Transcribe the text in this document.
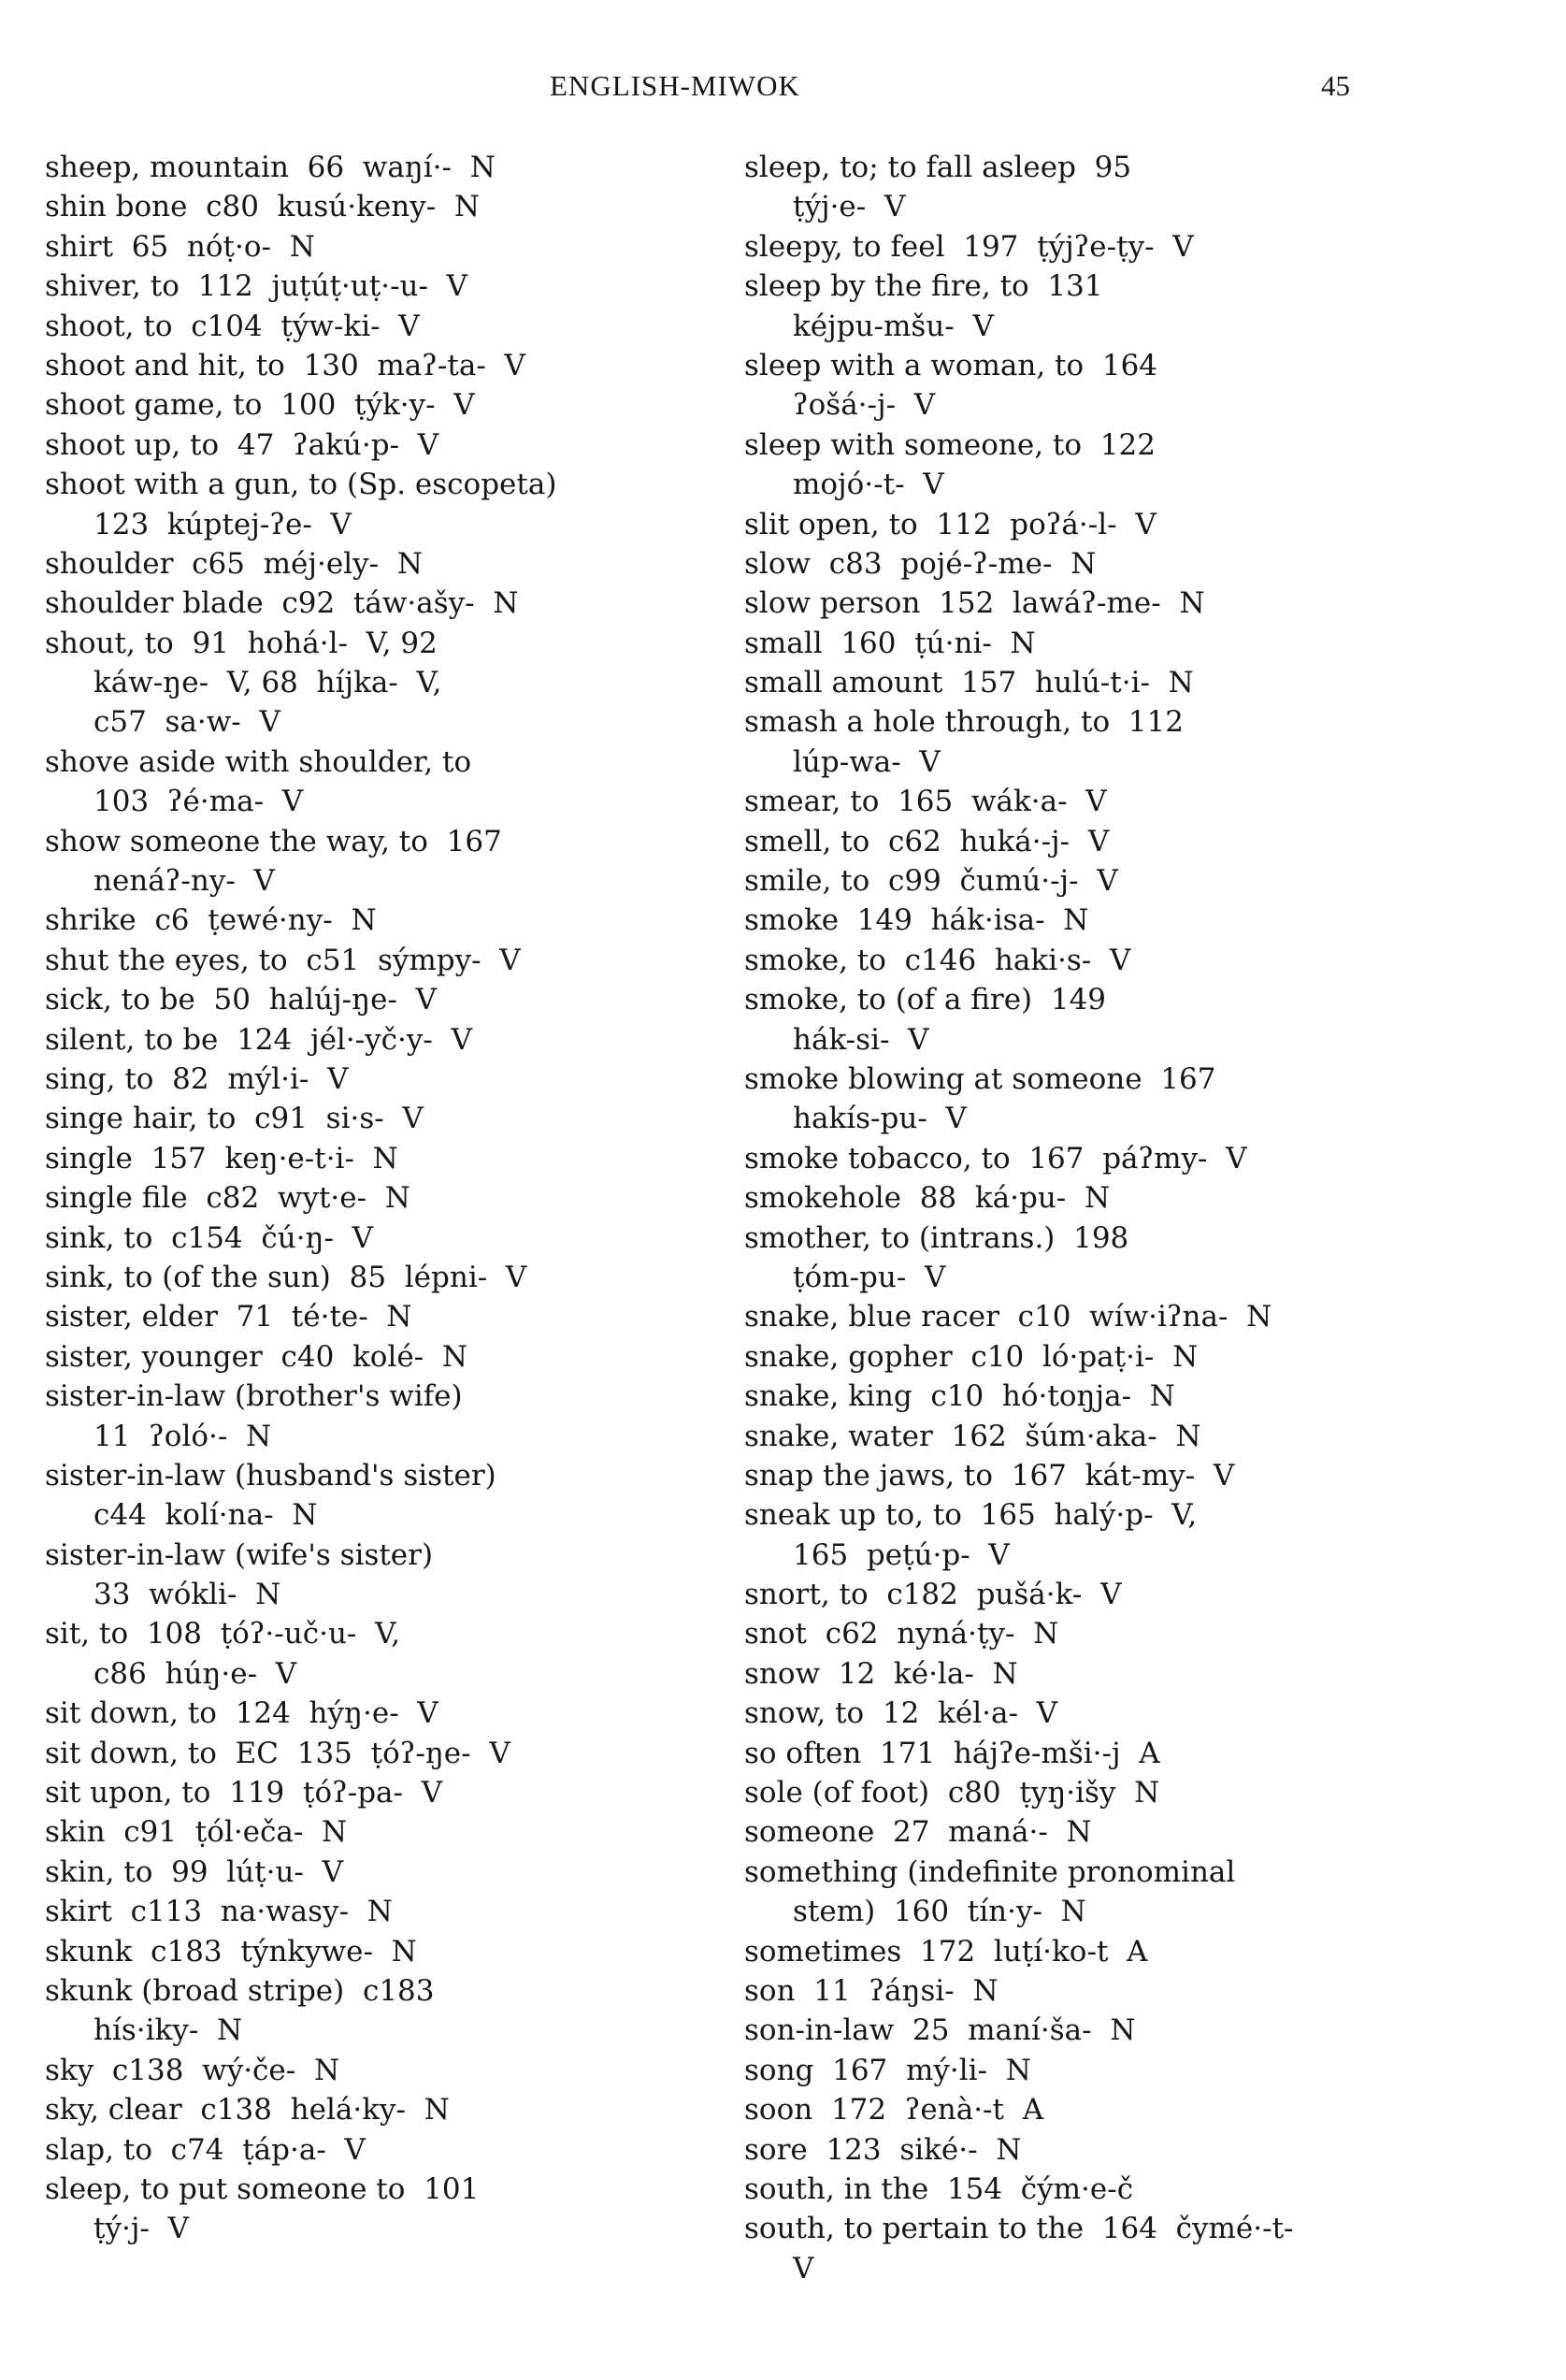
ENGLISH-MIWOK	45
sheep, mountain  66  waŋí·-  N
shin bone  c80  kusú·keny-  N
shirt  65  nóṭ·o-  N
shiver, to  112  juṭúṭ·uṭ·-u-  V
shoot, to  c104  ṭýw-ki-  V
shoot and hit, to  130  maʔ-ta-  V
shoot game, to  100  ṭýk·y-  V
shoot up, to  47  ʔakú·p-  V
shoot with a gun, to (Sp. escopeta)
123  kúptej-ʔe-  V
shoulder  c65  méj·ely-  N
shoulder blade  c92  táw·ašy-  N
shout, to  91  hohá·l-  V, 92
káw-ŋe-  V, 68  híjka-  V,
c57  sa·w-  V
shove aside with shoulder, to
103  ʔé·ma-  V
show someone the way, to  167
nenáʔ-ny-  V
shrike  c6  ṭewé·ny-  N
shut the eyes, to  c51  sýmpy-  V
sick, to be  50  halúj-ŋe-  V
silent, to be  124  jél·-yč·y-  V
sing, to  82  mýl·i-  V
singe hair, to  c91  si·s-  V
single  157  keŋ·e-t·i-  N
single file  c82  wyt·e-  N
sink, to  c154  čú·ŋ-  V
sink, to (of the sun)  85  lépni-  V
sister, elder  71  té·te-  N
sister, younger  c40  kolé-  N
sister-in-law (brother's wife)
11  ʔoló·-  N
sister-in-law (husband's sister)
c44  kolí·na-  N
sister-in-law (wife's sister)
33  wókli-  N
sit, to  108  ṭóʔ·-uč·u-  V,
c86  húŋ·e-  V
sit down, to  124  hýŋ·e-  V
sit down, to  EC  135  ṭóʔ-ŋe-  V
sit upon, to  119  ṭóʔ-pa-  V
skin  c91  ṭól·eča-  N
skin, to  99  lúṭ·u-  V
skirt  c113  na·wasy-  N
skunk  c183  týnkywe-  N
skunk (broad stripe)  c183
hís·iky-  N
sky  c138  wý·če-  N
sky, clear  c138  helá·ky-  N
slap, to  c74  ṭáp·a-  V
sleep, to put someone to  101
ṭý·j-  V
sleep, to; to fall asleep  95
ṭýj·e-  V
sleepy, to feel  197  ṭýjʔe-ṭy-  V
sleep by the fire, to  131
kéjpu-mšu-  V
sleep with a woman, to  164
ʔošá·-j-  V
sleep with someone, to  122
mojó·-t-  V
slit open, to  112  poʔá·-l-  V
slow  c83  pojé-ʔ-me-  N
slow person  152  lawáʔ-me-  N
small  160  ṭú·ni-  N
small amount  157  hulú-t·i-  N
smash a hole through, to  112
lúp-wa-  V
smear, to  165  wák·a-  V
smell, to  c62  huká·-j-  V
smile, to  c99  čumú·-j-  V
smoke  149  hák·isa-  N
smoke, to  c146  haki·s-  V
smoke, to (of a fire)  149
hák-si-  V
smoke blowing at someone  167
hakís-pu-  V
smoke tobacco, to  167  páʔmy-  V
smokehole  88  ká·pu-  N
smother, to (intrans.)  198
ṭóm-pu-  V
snake, blue racer  c10  wíw·iʔna-  N
snake, gopher  c10  ló·paṭ·i-  N
snake, king  c10  hó·toŋja-  N
snake, water  162  šúm·aka-  N
snap the jaws, to  167  kát-my-  V
sneak up to, to  165  halý·p-  V,
165  peṭú·p-  V
snort, to  c182  pušá·k-  V
snot  c62  nyná·ṭy-  N
snow  12  ké·la-  N
snow, to  12  kél·a-  V
so often  171  hájʔe-mši·-j  A
sole (of foot)  c80  ṭyŋ·išy  N
someone  27  maná·-  N
something (indefinite pronominal
stem)  160  tín·y-  N
sometimes  172  luṭí·ko-t  A
son  11  ʔáŋsi-  N
son-in-law  25  maní·ša-  N
song  167  mý·li-  N
soon  172  ʔenà·-t  A
sore  123  siké·-  N
south, in the  154  čým·e-č
south, to pertain to the  164  čymé·-t-
V
